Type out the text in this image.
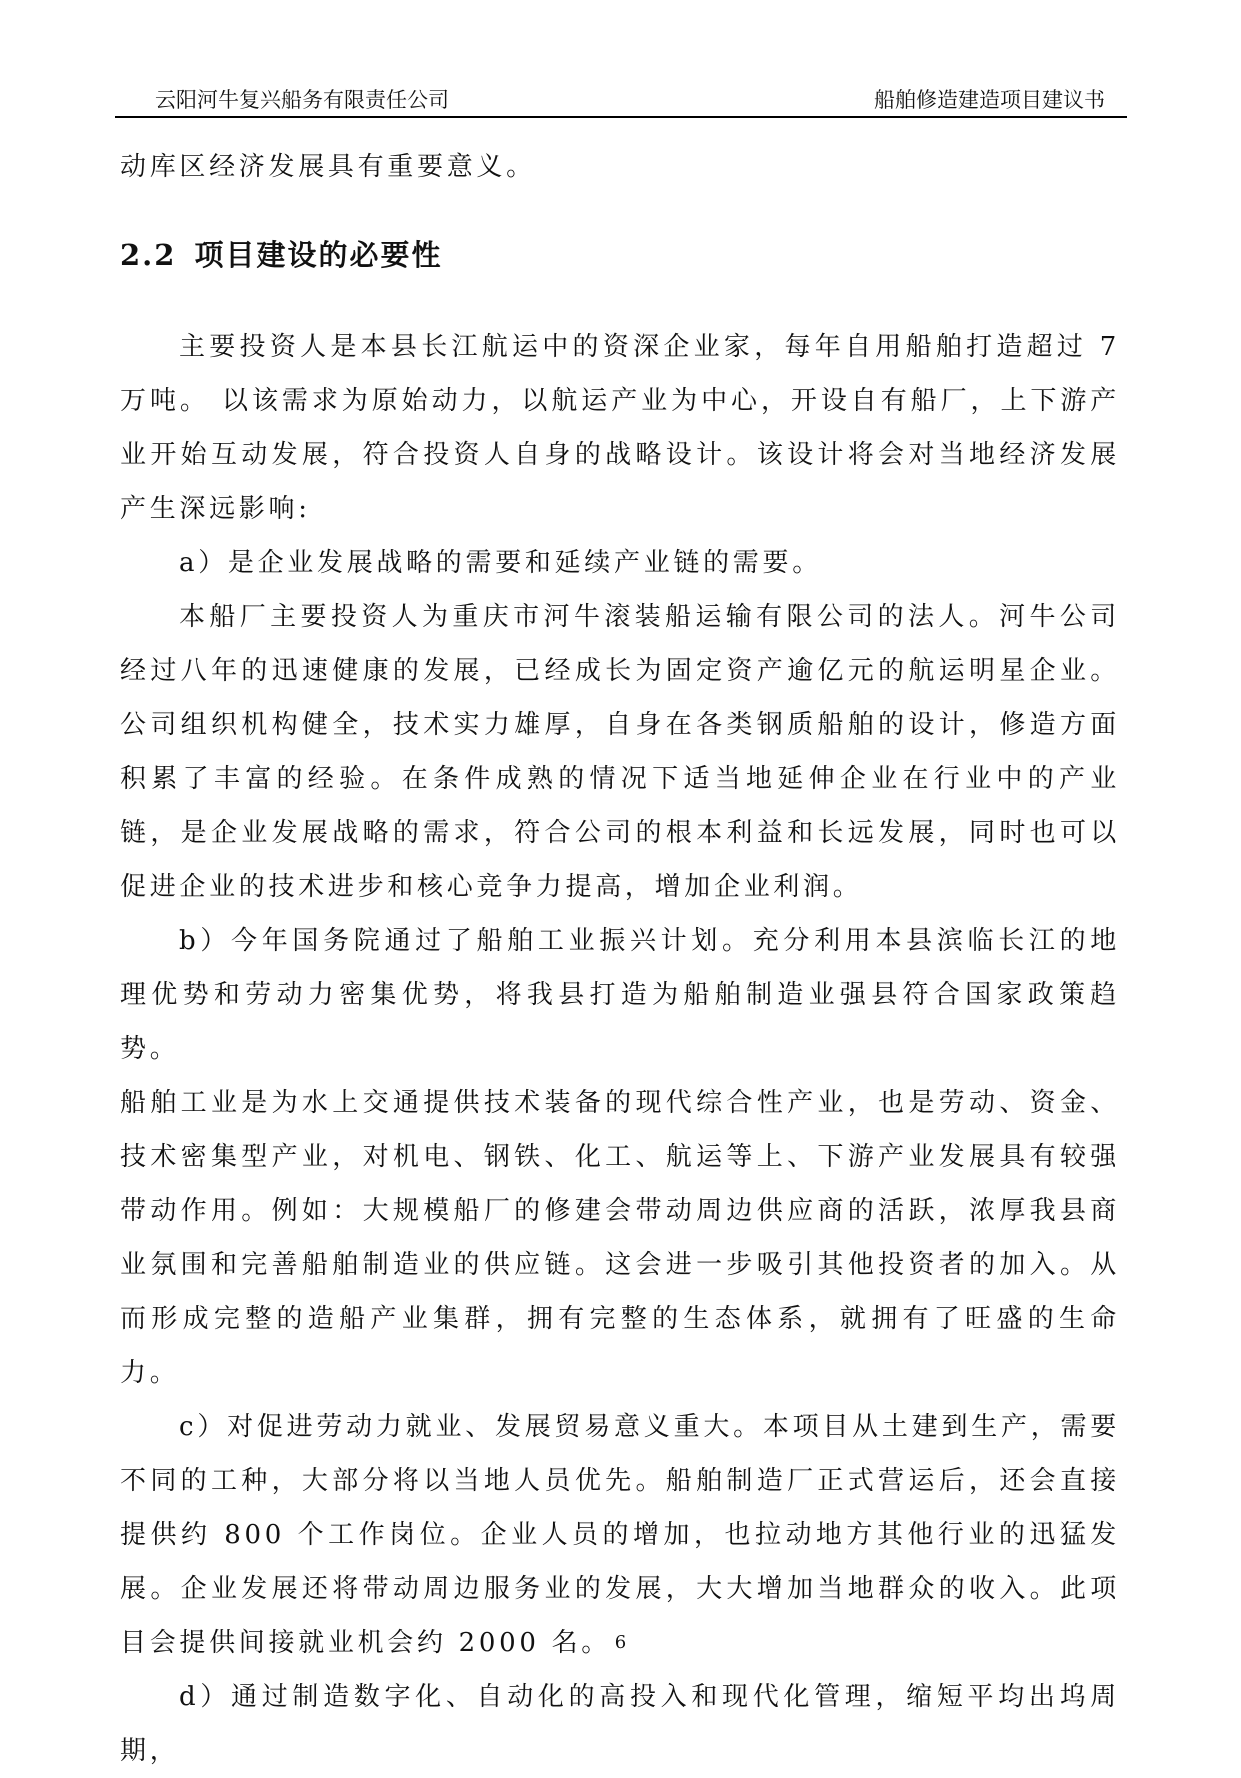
云阳河牛复兴船务有限责任公司	船舶修造建造项目建议书

动库区经济发展具有重要意义。

2.2 项目建设的必要性

主要投资人是本县长江航运中的资深企业家，每年自用船舶打造超过 7 万吨。 以该需求为原始动力，以航运产业为中心，开设自有船厂，上下游产业开始互动发展，符合投资人自身的战略设计。该设计将会对当地经济发展产生深远影响:

a）是企业发展战略的需要和延续产业链的需要。

本船厂主要投资人为重庆市河牛滚装船运输有限公司的法人。河牛公司经过八年的迅速健康的发展，已经成长为固定资产逾亿元的航运明星企业。公司组织机构健全，技术实力雄厚，自身在各类钢质船舶的设计，修造方面积累了丰富的经验。在条件成熟的情况下适当地延伸企业在行业中的产业链，是企业发展战略的需求，符合公司的根本利益和长远发展，同时也可以促进企业的技术进步和核心竞争力提高，增加企业利润。

b）今年国务院通过了船舶工业振兴计划。充分利用本县滨临长江的地理优势和劳动力密集优势，将我县打造为船舶制造业强县符合国家政策趋势。

船舶工业是为水上交通提供技术装备的现代综合性产业，也是劳动、资金、技术密集型产业，对机电、钢铁、化工、航运等上、下游产业发展具有较强带动作用。例如：大规模船厂的修建会带动周边供应商的活跃，浓厚我县商业氛围和完善船舶制造业的供应链。这会进一步吸引其他投资者的加入。从而形成完整的造船产业集群，拥有完整的生态体系，就拥有了旺盛的生命力。

c）对促进劳动力就业、发展贸易意义重大。本项目从土建到生产，需要不同的工种，大部分将以当地人员优先。船舶制造厂正式营运后，还会直接提供约 800 个工作岗位。企业人员的增加，也拉动地方其他行业的迅猛发展。企业发展还将带动周边服务业的发展，大大增加当地群众的收入。此项目会提供间接就业机会约 2000 名。

d）通过制造数字化、自动化的高投入和现代化管理，缩短平均出坞周期，

6
